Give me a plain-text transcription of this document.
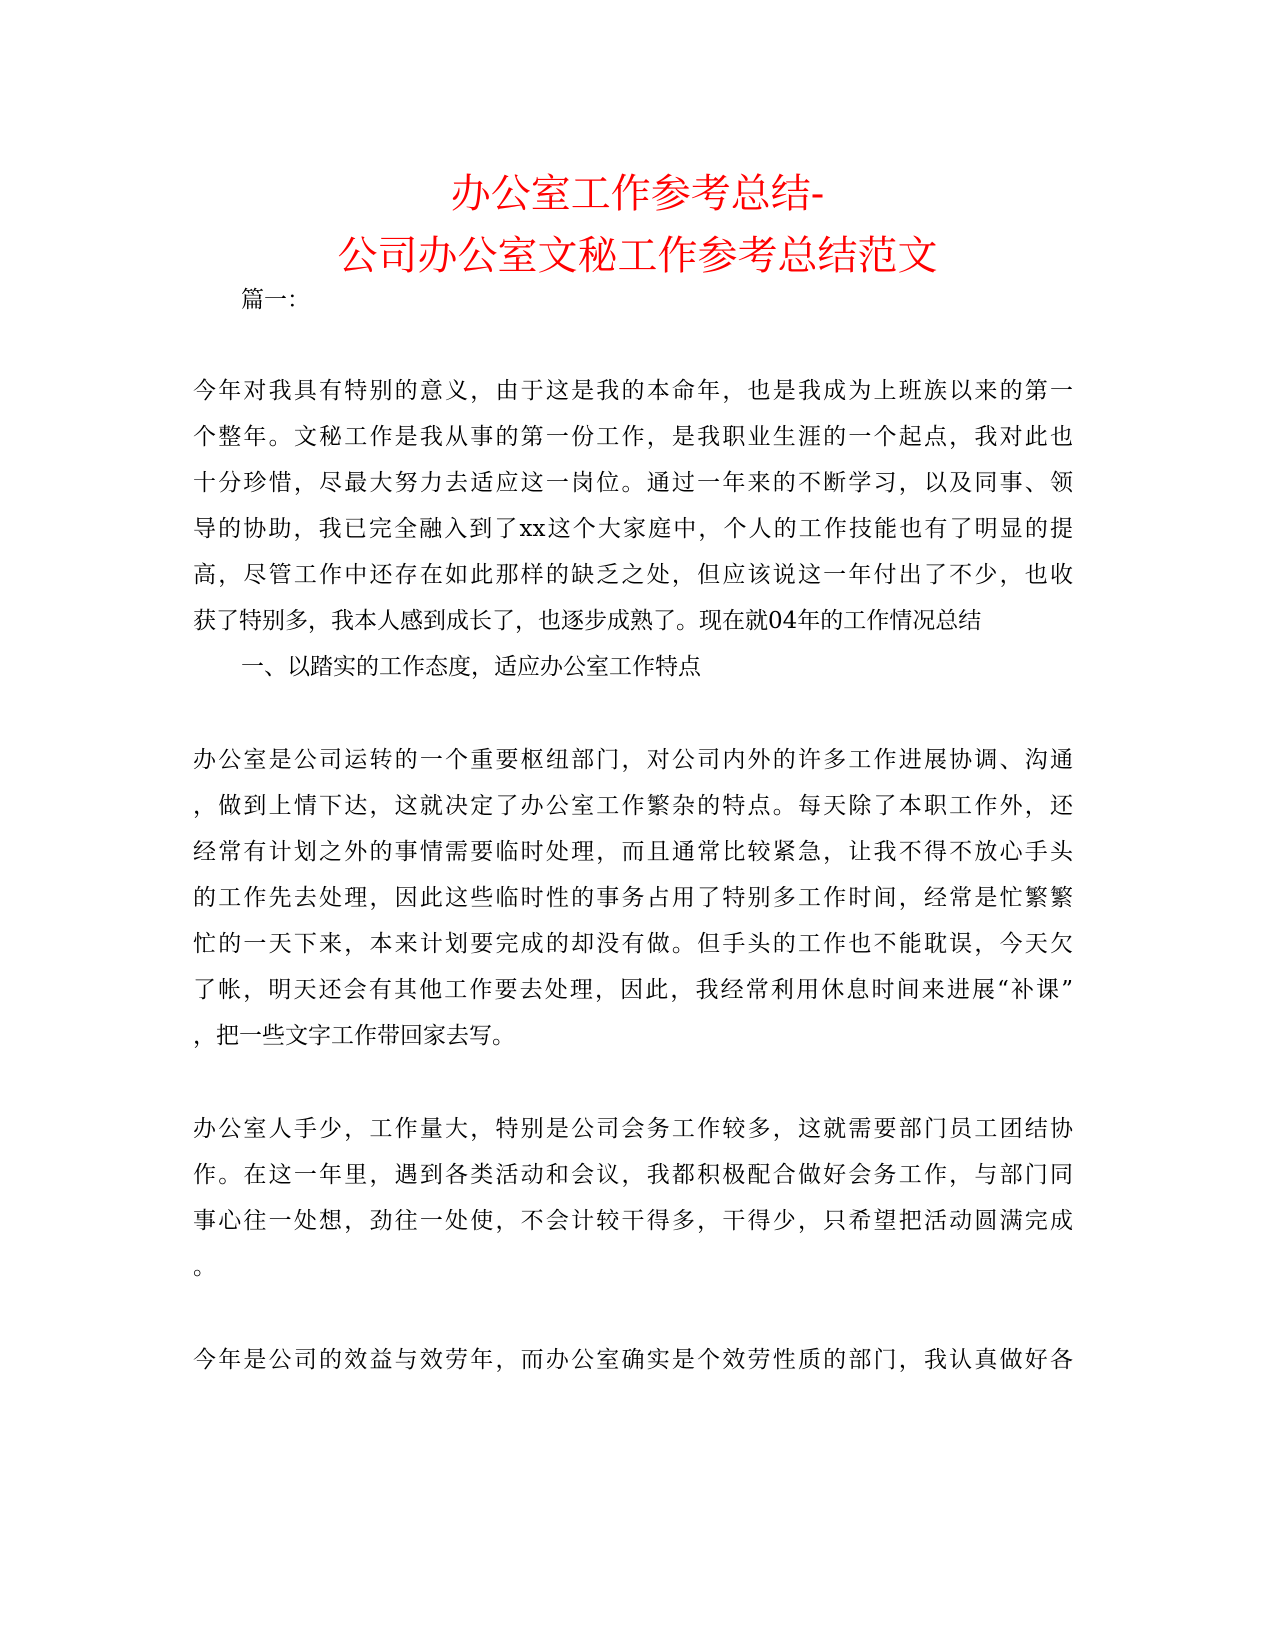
办公室工作参考总结-
公司办公室文秘工作参考总结范文

篇一：

今年对我具有特别的意义，由于这是我的本命年，也是我成为上班族以来的第一

个整年。文秘工作是我从事的第一份工作，是我职业生涯的一个起点，我对此也

十分珍惜，尽最大努力去适应这一岗位。通过一年来的不断学习，以及同事、领

导的协助，我已完全融入到了xx这个大家庭中，个人的工作技能也有了明显的提

高，尽管工作中还存在如此那样的缺乏之处，但应该说这一年付出了不少，也收

获了特别多，我本人感到成长了，也逐步成熟了。现在就04年的工作情况总结

一、以踏实的工作态度，适应办公室工作特点

办公室是公司运转的一个重要枢纽部门，对公司内外的许多工作进展协调、沟通

，做到上情下达，这就决定了办公室工作繁杂的特点。每天除了本职工作外，还

经常有计划之外的事情需要临时处理，而且通常比较紧急，让我不得不放心手头

的工作先去处理，因此这些临时性的事务占用了特别多工作时间，经常是忙繁繁

忙的一天下来，本来计划要完成的却没有做。但手头的工作也不能耽误，今天欠

了帐，明天还会有其他工作要去处理，因此，我经常利用休息时间来进展“补课”

，把一些文字工作带回家去写。

办公室人手少，工作量大，特别是公司会务工作较多，这就需要部门员工团结协

作。在这一年里，遇到各类活动和会议，我都积极配合做好会务工作，与部门同

事心往一处想，劲往一处使，不会计较干得多，干得少，只希望把活动圆满完成

。

今年是公司的效益与效劳年，而办公室确实是个效劳性质的部门，我认真做好各
